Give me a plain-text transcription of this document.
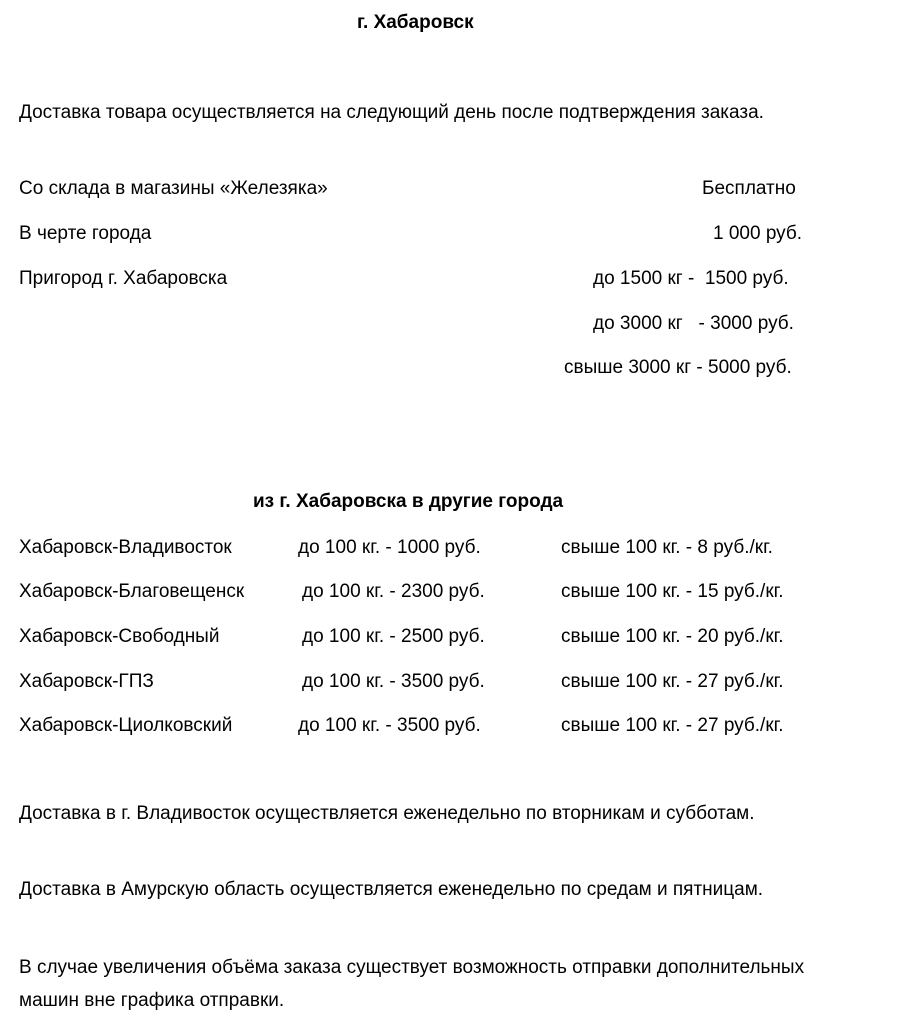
г. Хабаровск
Доставка товара осуществляется на следующий день после подтверждения заказа.
Со склада в магазины «Железяка»	Бесплатно
В черте города	1 000 руб.
Пригород г. Хабаровска	до 1500 кг -  1500 руб.
до 3000 кг   - 3000 руб.
свыше 3000 кг - 5000 руб.
из г. Хабаровска в другие города
Хабаровск-Владивосток	до 100 кг. - 1000 руб.	свыше 100 кг. - 8 руб./кг.
Хабаровск-Благовещенск	до 100 кг. - 2300 руб.	свыше 100 кг. - 15 руб./кг.
Хабаровск-Свободный	до 100 кг. - 2500 руб.	свыше 100 кг. - 20 руб./кг.
Хабаровск-ГПЗ	до 100 кг. - 3500 руб.	свыше 100 кг. - 27 руб./кг.
Хабаровск-Циолковский	до 100 кг. - 3500 руб.	свыше 100 кг. - 27 руб./кг.
Доставка в г. Владивосток осуществляется еженедельно по вторникам и субботам.
Доставка в Амурскую область осуществляется еженедельно по средам и пятницам.
В случае увеличения объёма заказа существует возможность отправки дополнительных машин вне графика отправки.
